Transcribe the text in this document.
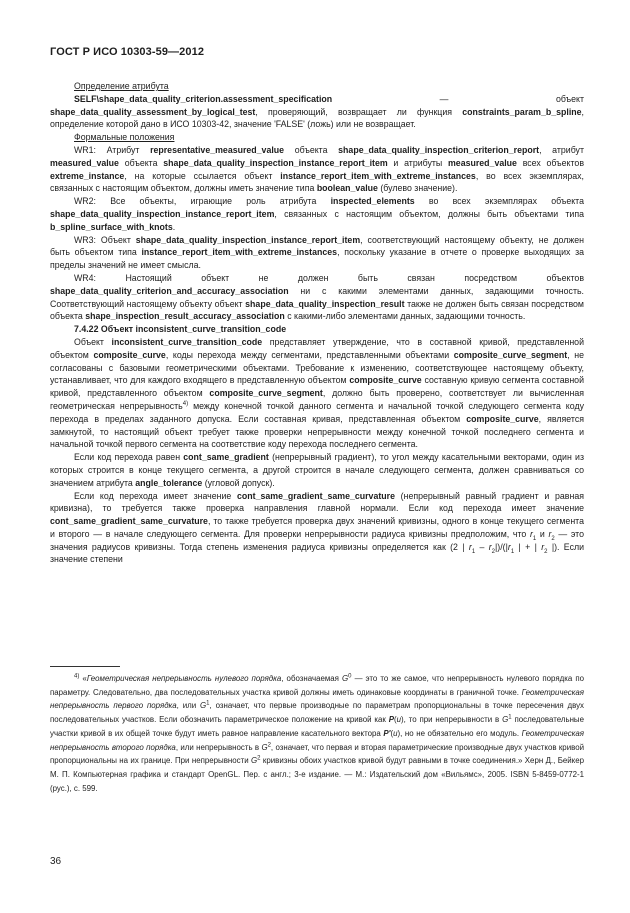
ГОСТ Р ИСО 10303-59—2012

Определение атрибута

SELF\shape_data_quality_criterion.assessment_specification — объект shape_data_quality_assessment_by_logical_test, проверяющий, возвращает ли функция constraints_param_b_spline, определение которой дано в ИСО 10303-42, значение 'FALSE' (ложь) или не возвращает.

Формальные положения

WR1: Атрибут representative_measured_value объекта shape_data_quality_inspection_criterion_report, атрибут measured_value объекта shape_data_quality_inspection_instance_report_item и атрибуты measured_value всех объектов extreme_instance, на которые ссылается объект instance_report_item_with_extreme_instances, во всех экземплярах, связанных с настоящим объектом, должны иметь значение типа boolean_value (булево значение).

WR2: Все объекты, играющие роль атрибута inspected_elements во всех экземплярах объекта shape_data_quality_inspection_instance_report_item, связанных с настоящим объектом, должны быть объектами типа b_spline_surface_with_knots.

WR3: Объект shape_data_quality_inspection_instance_report_item, соответствующий настоящему объекту, не должен быть объектом типа instance_report_item_with_extreme_instances, поскольку указание в отчете о проверке выходящих за пределы значений не имеет смысла.

WR4: Настоящий объект не должен быть связан посредством объектов shape_data_quality_criterion_and_accuracy_association ни с какими элементами данных, задающими точность. Соответствующий настоящему объекту объект shape_data_quality_inspection_result также не должен быть связан посредством объекта shape_inspection_result_accuracy_association с какими-либо элементами данных, задающими точность.

7.4.22 Объект inconsistent_curve_transition_code

Объект inconsistent_curve_transition_code представляет утверждение, что в составной кривой, представленной объектом composite_curve, коды перехода между сегментами, представленными объектами composite_curve_segment, не согласованы с базовыми геометрическими объектами. Требование к изменению, соответствующее настоящему объекту, устанавливает, что для каждого входящего в представленную объектом composite_curve составную кривую сегмента составной кривой, представленного объектом composite_curve_segment, должно быть проверено, соответствует ли вычисленная геометрическая непрерывность$^{4)}$ между конечной точкой данного сегмента и начальной точкой следующего сегмента коду перехода в пределах заданного допуска. Если составная кривая, представленная объектом composite_curve, является замкнутой, то настоящий объект требует также проверки непрерывности между конечной точкой последнего сегмента и начальной точкой первого сегмента на соответствие коду перехода последнего сегмента.

Если код перехода равен cont_same_gradient (непрерывный градиент), то угол между касательными векторами, один из которых строится в конце текущего сегмента, а другой строится в начале следующего сегмента, должен сравниваться со значением атрибута angle_tolerance (угловой допуск).

Если код перехода имеет значение cont_same_gradient_same_curvature (непрерывный равный градиент и равная кривизна), то требуется также проверка направления главной нормали. Если код перехода имеет значение cont_same_gradient_same_curvature, то также требуется проверка двух значений кривизны, одного в конце текущего сегмента и второго — в начале следующего сегмента. Для проверки непрерывности радиуса кривизны предположим, что $r_1$ и $r_2$ — это значения радиусов кривизны. Тогда степень изменения радиуса кривизны определяется как (2 | $r_1 - r_2|)/(|r_1$ | + | $r_2$ |). Если значение степени

$^{4)}$ «Геометрическая непрерывность нулевого порядка, обозначаемая $G^0$ — это то же самое, что непрерывность нулевого порядка по параметру. Следовательно, два последовательных участка кривой должны иметь одинаковые координаты в граничной точке. Геометрическая непрерывность первого порядка, или $G^1$, означает, что первые производные по параметрам пропорциональны в точке пересечения двух последовательных участков. Если обозначить параметрическое положение на кривой как P(u), то при непрерывности в $G^1$ последовательные участки кривой в их общей точке будут иметь равное направление касательного вектора P'(u), но не обязательно его модуль. Геометрическая непрерывность второго порядка, или непрерывность в $G^2$, означает, что первая и вторая параметрические производные двух участков кривой пропорциональны на их границе. При непрерывности $G^2$ кривизны обоих участков кривой будут равными в точке соединения.» Херн Д., Бейкер М. П. Компьютерная графика и стандарт OpenGL. Пер. с англ.; 3-е издание. — М.: Издательский дом «Вильямс», 2005. ISBN 5-8459-0772-1 (рус.), с. 599.

36
